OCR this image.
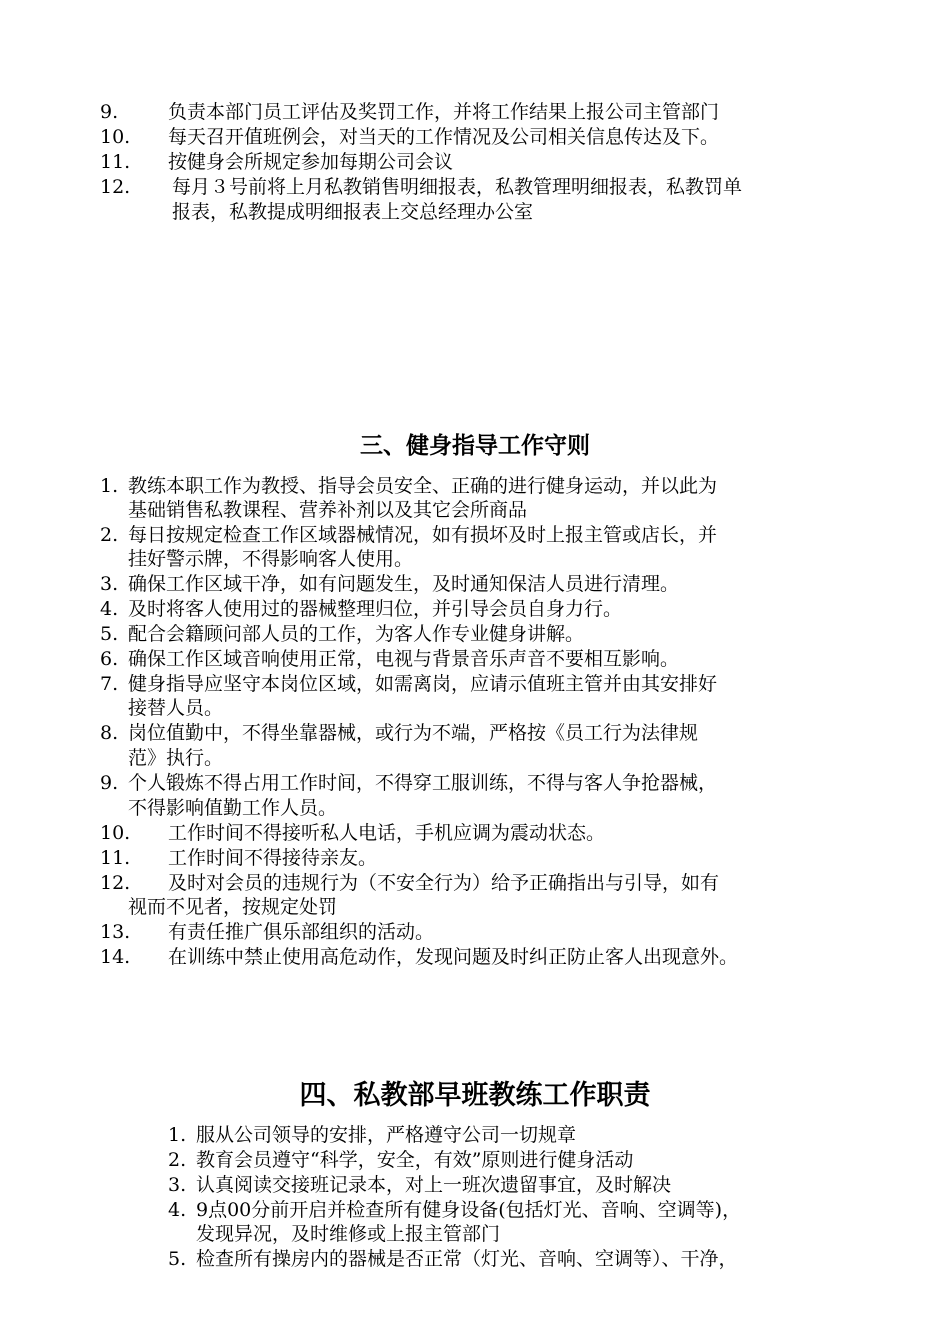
9.	负责本部门员工评估及奖罚工作，并将工作结果上报公司主管部门
10. 每天召开值班例会，对当天的工作情况及公司相关信息传达及下。
11. 按健身会所规定参加每期公司会议
12. 每月３号前将上月私教销售明细报表，私教管理明细报表，私教罚单
报表，私教提成明细报表上交总经理办公室
三、健身指导工作守则
1. 教练本职工作为教授、指导会员安全、正确的进行健身运动，并以此为
基础销售私教课程、营养补剂以及其它会所商品
2. 每日按规定检查工作区域器械情况，如有损坏及时上报主管或店长，并
挂好警示牌，不得影响客人使用。
3. 确保工作区域干净，如有问题发生，及时通知保洁人员进行清理。
4. 及时将客人使用过的器械整理归位，并引导会员自身力行。
5. 配合会籍顾问部人员的工作，为客人作专业健身讲解。
6. 确保工作区域音响使用正常，电视与背景音乐声音不要相互影响。
7. 健身指导应坚守本岗位区域，如需离岗，应请示值班主管并由其安排好
接替人员。
8. 岗位值勤中，不得坐靠器械，或行为不端，严格按《员工行为法律规
范》执行。
9. 个人锻炼不得占用工作时间，不得穿工服训练，不得与客人争抢器械，
不得影响值勤工作人员。
10. 工作时间不得接听私人电话，手机应调为震动状态。
11. 工作时间不得接待亲友。
12. 及时对会员的违规行为（不安全行为）给予正确指出与引导，如有
视而不见者，按规定处罚
13. 有责任推广俱乐部组织的活动。
14. 在训练中禁止使用高危动作，发现问题及时纠正防止客人出现意外。
四、私教部早班教练工作职责
1. 服从公司领导的安排，严格遵守公司一切规章
2. 教育会员遵守“科学，安全，有效”原则进行健身活动
3. 认真阅读交接班记录本，对上一班次遗留事宜，及时解决
4. 9点00分前开启并检查所有健身设备(包括灯光、音响、空调等)，
发现异况，及时维修或上报主管部门
5. 检查所有操房内的器械是否正常（灯光、音响、空调等）、干净，
